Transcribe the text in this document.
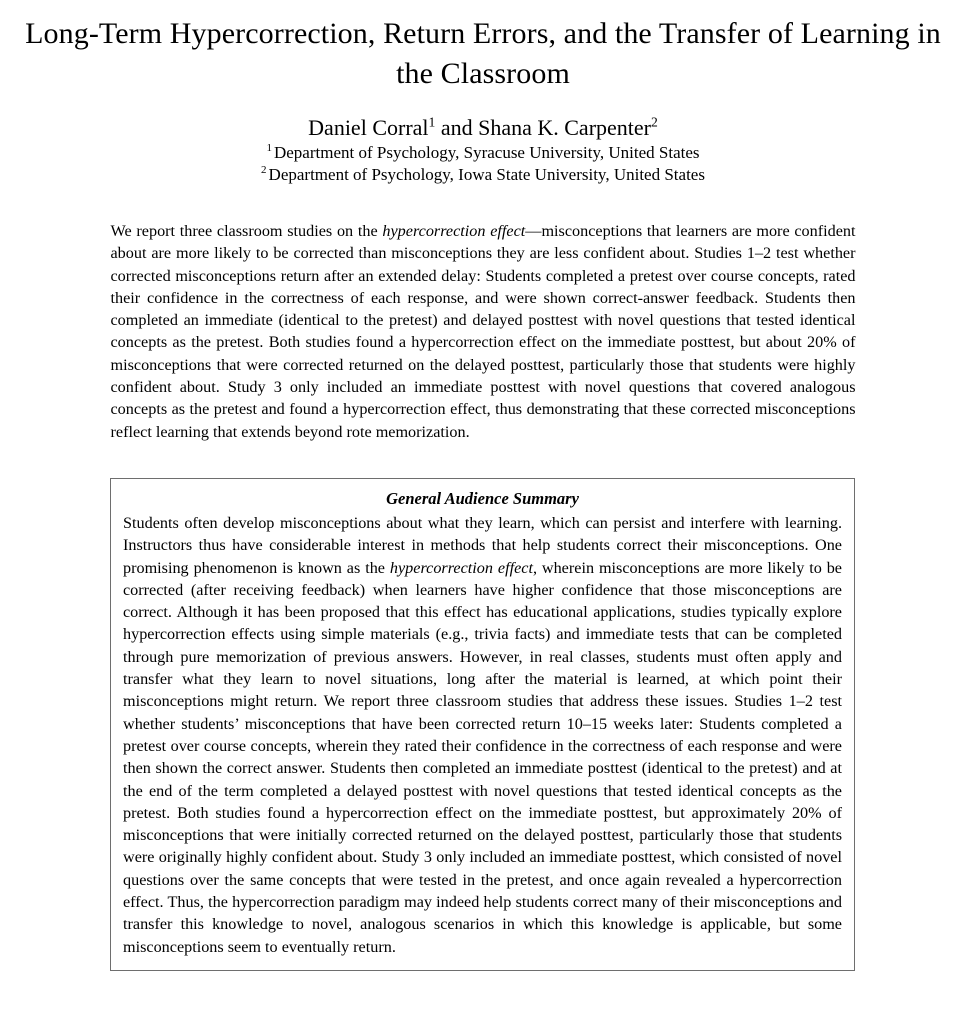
Long-Term Hypercorrection, Return Errors, and the Transfer of Learning in the Classroom
Daniel Corral$^1$ and Shana K. Carpenter$^2$
$^1$ Department of Psychology, Syracuse University, United States
$^2$ Department of Psychology, Iowa State University, United States
We report three classroom studies on the hypercorrection effect—misconceptions that learners are more confident about are more likely to be corrected than misconceptions they are less confident about. Studies 1–2 test whether corrected misconceptions return after an extended delay: Students completed a pretest over course concepts, rated their confidence in the correctness of each response, and were shown correct-answer feedback. Students then completed an immediate (identical to the pretest) and delayed posttest with novel questions that tested identical concepts as the pretest. Both studies found a hypercorrection effect on the immediate posttest, but about 20% of misconceptions that were corrected returned on the delayed posttest, particularly those that students were highly confident about. Study 3 only included an immediate posttest with novel questions that covered analogous concepts as the pretest and found a hypercorrection effect, thus demonstrating that these corrected misconceptions reflect learning that extends beyond rote memorization.
General Audience Summary

Students often develop misconceptions about what they learn, which can persist and interfere with learning. Instructors thus have considerable interest in methods that help students correct their misconceptions. One promising phenomenon is known as the hypercorrection effect, wherein misconceptions are more likely to be corrected (after receiving feedback) when learners have higher confidence that those misconceptions are correct. Although it has been proposed that this effect has educational applications, studies typically explore hypercorrection effects using simple materials (e.g., trivia facts) and immediate tests that can be completed through pure memorization of previous answers. However, in real classes, students must often apply and transfer what they learn to novel situations, long after the material is learned, at which point their misconceptions might return. We report three classroom studies that address these issues. Studies 1–2 test whether students’ misconceptions that have been corrected return 10–15 weeks later: Students completed a pretest over course concepts, wherein they rated their confidence in the correctness of each response and were then shown the correct answer. Students then completed an immediate posttest (identical to the pretest) and at the end of the term completed a delayed posttest with novel questions that tested identical concepts as the pretest. Both studies found a hypercorrection effect on the immediate posttest, but approximately 20% of misconceptions that were initially corrected returned on the delayed posttest, particularly those that students were originally highly confident about. Study 3 only included an immediate posttest, which consisted of novel questions over the same concepts that were tested in the pretest, and once again revealed a hypercorrection effect. Thus, the hypercorrection paradigm may indeed help students correct many of their misconceptions and transfer this knowledge to novel, analogous scenarios in which this knowledge is applicable, but some misconceptions seem to eventually return.
